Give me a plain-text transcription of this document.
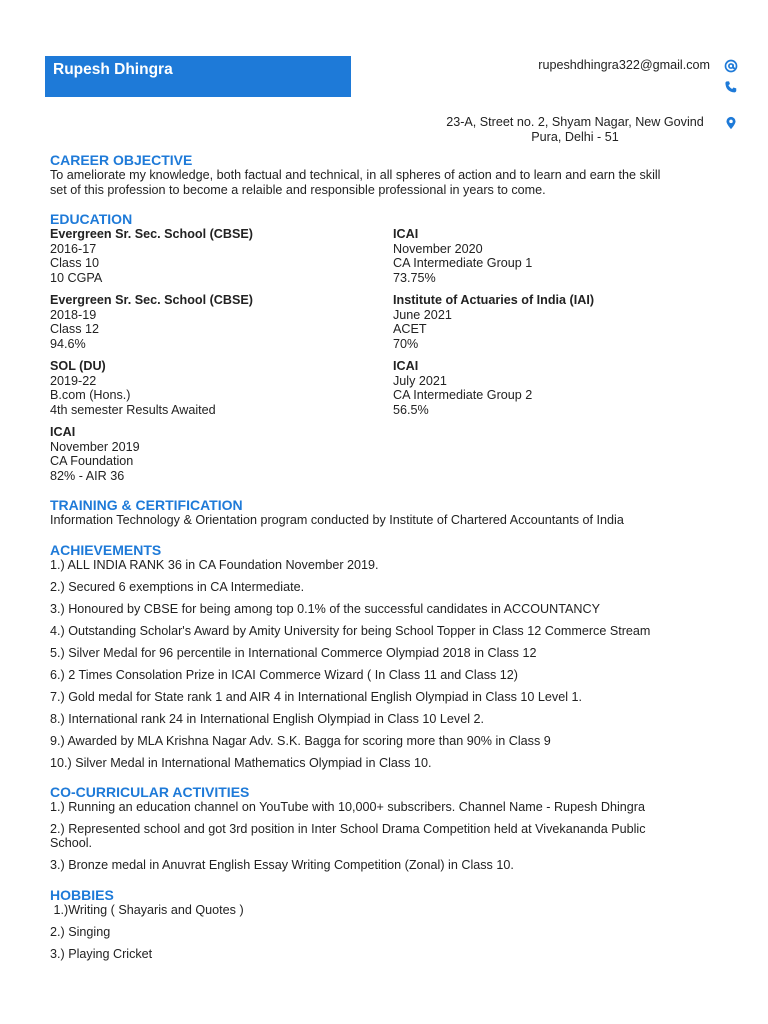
Rupesh Dhingra	rupeshdhingra322@gmail.com
23-A, Street no. 2, Shyam Nagar, New Govind
Pura, Delhi - 51
CAREER OBJECTIVE

To ameliorate my knowledge, both factual and technical, in all spheres of action and to learn and earn the skill

set of this profession to become a relaible and responsible professional in years to come.

EDUCATION
Evergreen Sr. Sec. School (CBSE)
2016-17
Class 10
10 CGPA
ICAI
November 2020
CA Intermediate Group 1
73.75%
Evergreen Sr. Sec. School (CBSE)
2018-19
Class 12
94.6%
Institute of Actuaries of India (IAI)
June 2021
ACET
70%
SOL (DU)
2019-22
B.com (Hons.)
4th semester Results Awaited
ICAI
July 2021
CA Intermediate Group 2
56.5%
ICAI
November 2019
CA Foundation
82% - AIR 36
TRAINING & CERTIFICATION

Information Technology & Orientation program conducted by Institute of Chartered Accountants of India

ACHIEVEMENTS
1.) ALL INDIA RANK 36 in CA Foundation November 2019.
2.) Secured 6 exemptions in CA Intermediate.
3.) Honoured by CBSE for being among top 0.1% of the successful candidates in ACCOUNTANCY
4.) Outstanding Scholar's Award by Amity University for being School Topper in Class 12 Commerce Stream
5.) Silver Medal for 96 percentile in International Commerce Olympiad 2018 in Class 12
6.) 2 Times Consolation Prize in ICAI Commerce Wizard ( In Class 11 and Class 12)
7.) Gold medal for State rank 1 and AIR 4 in International English Olympiad in Class 10 Level 1.
8.) International rank 24 in International English Olympiad in Class 10 Level 2.
9.) Awarded by MLA Krishna Nagar Adv. S.K. Bagga for scoring more than 90% in Class 9
10.) Silver Medal in International Mathematics Olympiad in Class 10.
CO-CURRICULAR ACTIVITIES
1.) Running an education channel on YouTube with 10,000+ subscribers. Channel Name - Rupesh Dhingra
2.) Represented school and got 3rd position in Inter School Drama Competition held at Vivekananda Public
School.
3.) Bronze medal in Anuvrat English Essay Writing Competition (Zonal) in Class 10.
HOBBIES
1.)Writing ( Shayaris and Quotes )
2.) Singing
3.) Playing Cricket
